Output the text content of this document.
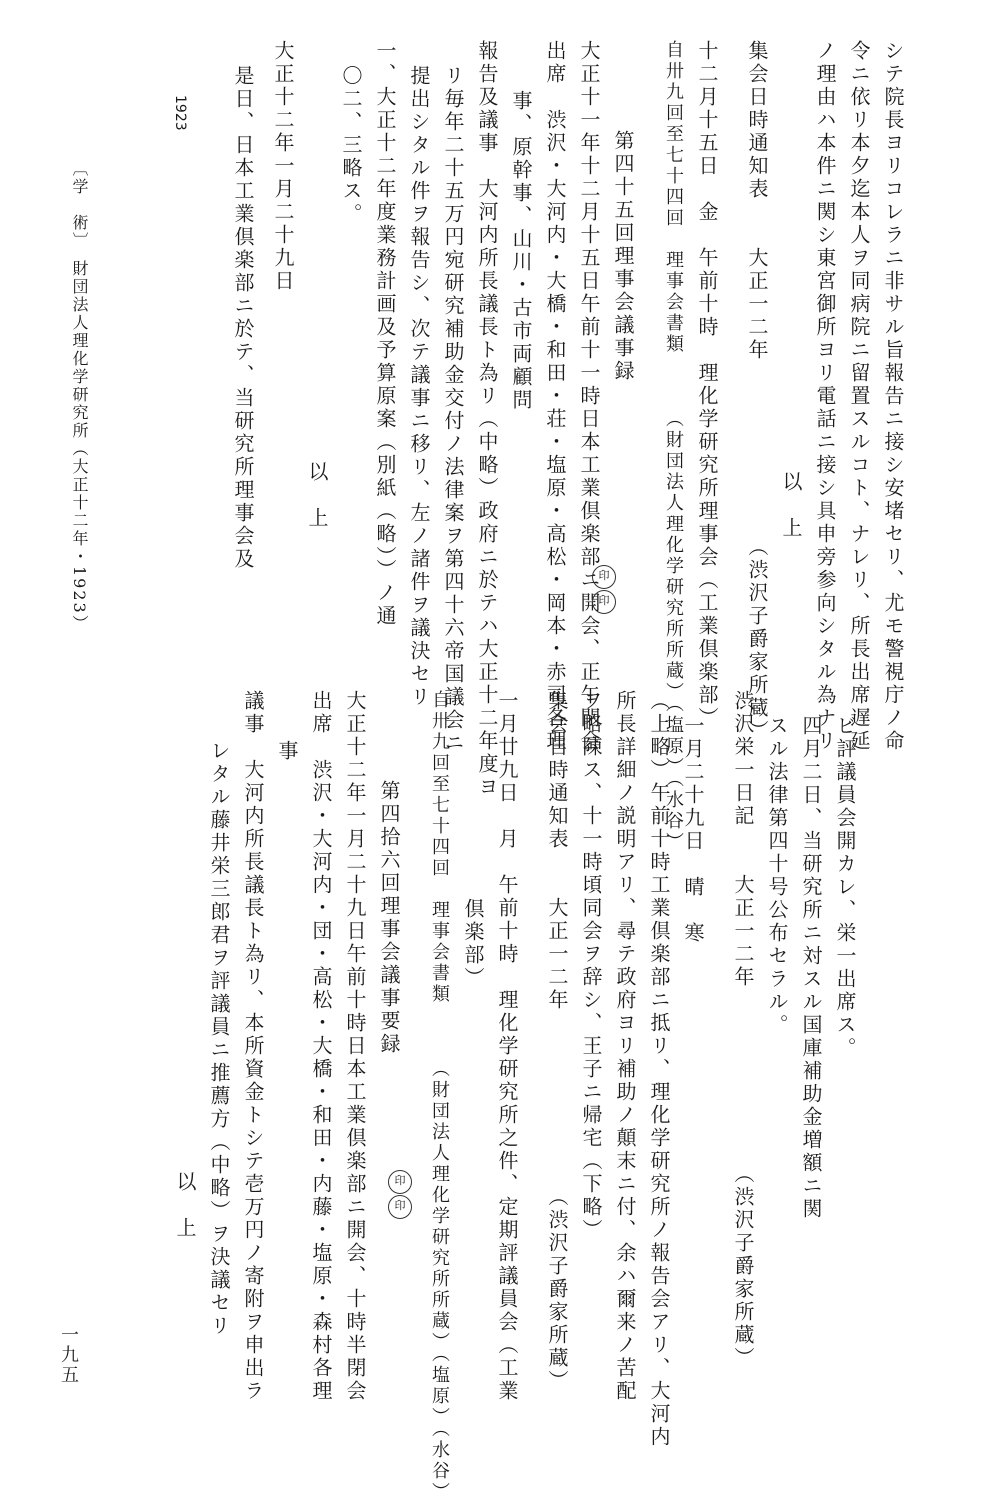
シテ院長ヨリコレラニ非サル旨報告ニ接シ安堵セリ、尤モ警視庁ノ命
令ニ依リ本夕迄本人ヲ同病院ニ留置スルコト、ナレリ、所長出席遅延
ノ理由ハ本件ニ関シ東宮御所ヨリ電話ニ接シ具申旁参向シタル為ナリ
以　上
集会日時通知表　　大正一二年　　　　　　　　（渋沢子爵家所蔵）
十二月十五日　金　午前十時　理化学研究所理事会（工業倶楽部）
自卅九回至七十四回　理事会書類　　　（財団法人理化学研究所所蔵）（塩原）（水谷）
第四十五回理事会議事録
大正十一年十二月十五日午前十一時日本工業倶楽部ニ開会、正午閉会
出席　渋沢・大河内・大橋・和田・荘・塩原・高松・岡本・赤司各理
事、原幹事、山川・古市両顧問
報告及議事　大河内所長議長ト為リ（中略）政府ニ於テハ大正十二年度ヨ
リ毎年二十五万円宛研究補助金交付ノ法律案ヲ第四十六帝国議会ニ
提出シタル件ヲ報告シ、次テ議事ニ移リ、左ノ諸件ヲ議決セリ
一、大正十二年度業務計画及予算原案（別紙（略））ノ通
〇二、三略ス。
以　上
大正十二年一月二十九日
是日、日本工業倶楽部ニ於テ、当研究所理事会及
1923
〔学　術〕　財団法人理化学研究所（大正十二年・1923）	印
印
ビ評議員会開カレ、栄一出席ス。
四月二日、当研究所ニ対スル国庫補助金増額ニ関
スル法律第四十号公布セラル。
渋沢栄一日記　　大正一二年　　　　　　　　（渋沢子爵家所蔵）
一月二十九日　晴　寒
（上略）午前十時工業倶楽部ニ抵リ、理化学研究所ノ報告会アリ、大河内
所長詳細ノ説明アリ、尋テ政府ヨリ補助ノ顛末ニ付、余ハ爾来ノ苦配
ヲ略陳ス、十一時頃同会ヲ辞シ、王子ニ帰宅（下略）
集会日時通知表　　大正一二年　　　　　　　　（渋沢子爵家所蔵）
一月廿九日　月　午前十時　理化学研究所之件、定期評議員会（工業
倶楽部）
自卅九回至七十四回　理事会書類　　　（財団法人理化学研究所所蔵）（塩原）（水谷）
第四拾六回理事会議事要録
大正十二年一月二十九日午前十時日本工業倶楽部ニ開会、十時半閉会
出席　渋沢・大河内・団・高松・大橋・和田・内藤・塩原・森村各理
事
議事　大河内所長議長ト為リ、本所資金トシテ壱万円ノ寄附ヲ申出ラ
レタル藤井栄三郎君ヲ評議員ニ推薦方（中略）ヲ決議セリ
以　上	印
印
一九五
